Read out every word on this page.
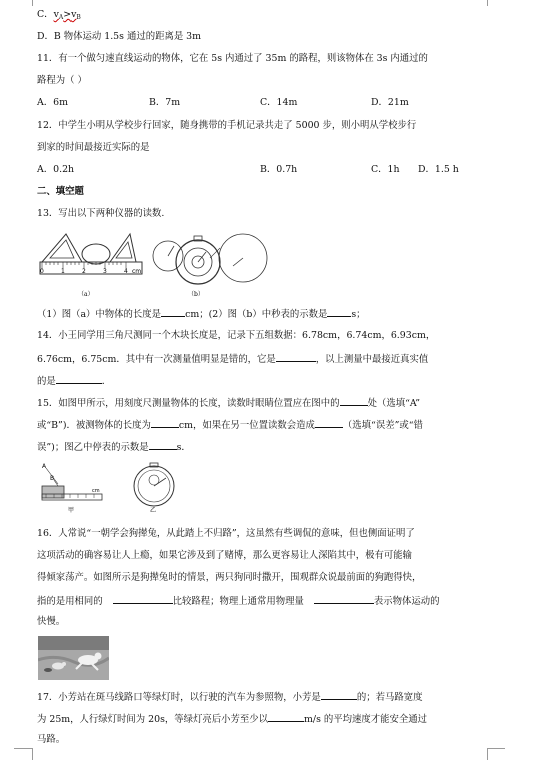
C．$v_A>v_B$
D．B 物体运动 1.5s 通过的距离是 3m
11．有一个做匀速直线运动的物体，它在 5s 内通过了 35m 的路程，则该物体在 3s 内通过的
路程为（ ）
A．6m	B．7m	C．14m	D．21m
12．中学生小明从学校步行回家，随身携带的手机记录共走了 5000 步，则小明从学校步行
到家的时间最接近实际的是
A．0.2h	B．0.7h	C．1h D．1.5 h
二、填空题
13．写出以下两种仪器的读数.
0	1	2	3	4 cm
（a）	（b）
（1）图（a）中物体的长度是	cm；(2）图（b）中秒表的示数是	s；
14．小王同学用三角尺测同一个木块长度是，记录下五组数据：6.78cm，6.74cm，6.93cm，
6.76cm，6.75cm．其中有一次测量值明显是错的，它是	，以上测量中最接近真实值
的是	．
15．如图甲所示，用刻度尺测量物体的长度，读数时眼睛位置应在图中的	处（选填“A”
或“B”)．被测物体的长度为	cm，如果在另一位置读数会造成	（选填“误差”或“错
误”)；图乙中停表的示数是	s．
A
B
cm
甲	乙
16．人常说“一朝学会狗撵兔，从此踏上不归路”，这虽然有些调侃的意味，但也侧面证明了
这项活动的确容易让人上瘾，如果它涉及到了赌博，那么更容易让人深陷其中，极有可能输
得倾家荡产。如图所示是狗撵兔时的情景，两只狗同时撒开，围观群众说最前面的狗跑得快，
指的是用相同的	比较路程；物理上通常用物理量	表示物体运动的
快慢。
17．小芳站在斑马线路口等绿灯时，以行驶的汽车为参照物，小芳是	的；若马路宽度
为 25m，人行绿灯时间为 20s，等绿灯亮后小芳至少以	m/s 的平均速度才能安全通过
马路。
